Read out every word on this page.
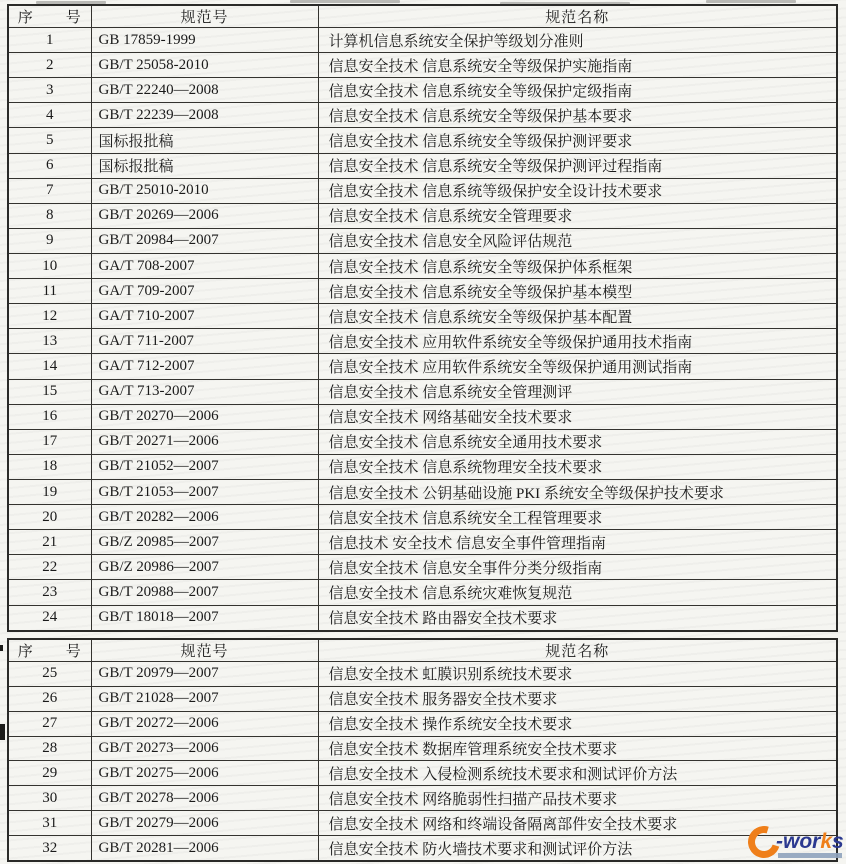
序　　号	规范号	规范名称
1	GB 17859-1999	计算机信息系统安全保护等级划分准则
2	GB/T 25058-2010	信息安全技术 信息系统安全等级保护实施指南
3	GB/T 22240—2008	信息安全技术 信息系统安全等级保护定级指南
4	GB/T 22239—2008	信息安全技术 信息系统安全等级保护基本要求
5	国标报批稿	信息安全技术 信息系统安全等级保护测评要求
6	国标报批稿	信息安全技术 信息系统安全等级保护测评过程指南
7	GB/T 25010-2010	信息安全技术 信息系统等级保护安全设计技术要求
8	GB/T 20269—2006	信息安全技术 信息系统安全管理要求
9	GB/T 20984—2007	信息安全技术 信息安全风险评估规范
10	GA/T 708-2007	信息安全技术 信息系统安全等级保护体系框架
11	GA/T 709-2007	信息安全技术 信息系统安全等级保护基本模型
12	GA/T 710-2007	信息安全技术 信息系统安全等级保护基本配置
13	GA/T 711-2007	信息安全技术 应用软件系统安全等级保护通用技术指南
14	GA/T 712-2007	信息安全技术 应用软件系统安全等级保护通用测试指南
15	GA/T 713-2007	信息安全技术 信息系统安全管理测评
16	GB/T 20270—2006	信息安全技术 网络基础安全技术要求
17	GB/T 20271—2006	信息安全技术 信息系统安全通用技术要求
18	GB/T 21052—2007	信息安全技术 信息系统物理安全技术要求
19	GB/T 21053—2007	信息安全技术 公钥基础设施 PKI 系统安全等级保护技术要求
20	GB/T 20282—2006	信息安全技术 信息系统安全工程管理要求
21	GB/Z 20985—2007	信息技术 安全技术 信息安全事件管理指南
22	GB/Z 20986—2007	信息安全技术 信息安全事件分类分级指南
23	GB/T 20988—2007	信息安全技术 信息系统灾难恢复规范
24	GB/T 18018—2007	信息安全技术 路由器安全技术要求
序　　号	规范号	规范名称
25	GB/T 20979—2007	信息安全技术 虹膜识别系统技术要求
26	GB/T 21028—2007	信息安全技术 服务器安全技术要求
27	GB/T 20272—2006	信息安全技术 操作系统安全技术要求
28	GB/T 20273—2006	信息安全技术 数据库管理系统安全技术要求
29	GB/T 20275—2006	信息安全技术 入侵检测系统技术要求和测试评价方法
30	GB/T 20278—2006	信息安全技术 网络脆弱性扫描产品技术要求
31	GB/T 20279—2006	信息安全技术 网络和终端设备隔离部件安全技术要求
32	GB/T 20281—2006	信息安全技术 防火墙技术要求和测试评价方法	-works
